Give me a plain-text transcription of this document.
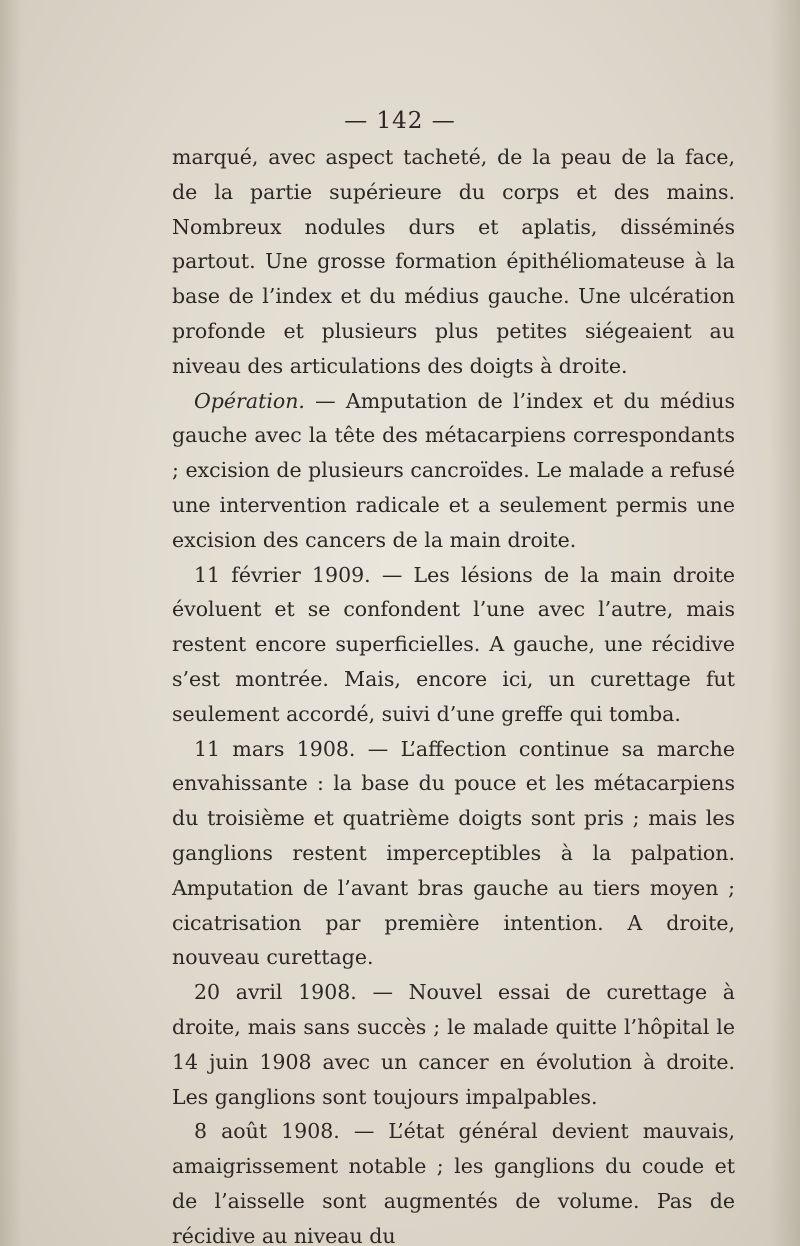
— 142 —

marqué, avec aspect tacheté, de la peau de la face, de la partie supérieure du corps et des mains. Nombreux nodules durs et aplatis, disséminés partout. Une grosse formation épithéliomateuse à la base de l’index et du médius gauche. Une ulcération profonde et plusieurs plus petites siégeaient au niveau des articulations des doigts à droite.

Opération. — Amputation de l’index et du médius gauche avec la tête des métacarpiens correspondants ; excision de plusieurs cancroïdes. Le malade a refusé une intervention radicale et a seulement permis une excision des cancers de la main droite.

11 février 1909. — Les lésions de la main droite évoluent et se confondent l’une avec l’autre, mais restent encore superficielles. A gauche, une récidive s’est montrée. Mais, encore ici, un curettage fut seulement accordé, suivi d’une greffe qui tomba.

11 mars 1908. — L’affection continue sa marche envahissante : la base du pouce et les métacarpiens du troisième et quatrième doigts sont pris ; mais les ganglions restent imperceptibles à la palpation. Amputation de l’avant bras gauche au tiers moyen ; cicatrisation par première intention. A droite, nouveau curettage.

20 avril 1908. — Nouvel essai de curettage à droite, mais sans succès ; le malade quitte l’hôpital le 14 juin 1908 avec un cancer en évolution à droite. Les ganglions sont toujours impalpables.

8 août 1908. — L’état général devient mauvais, amaigrissement notable ; les ganglions du coude et de l’aisselle sont augmentés de volume. Pas de récidive au niveau du
